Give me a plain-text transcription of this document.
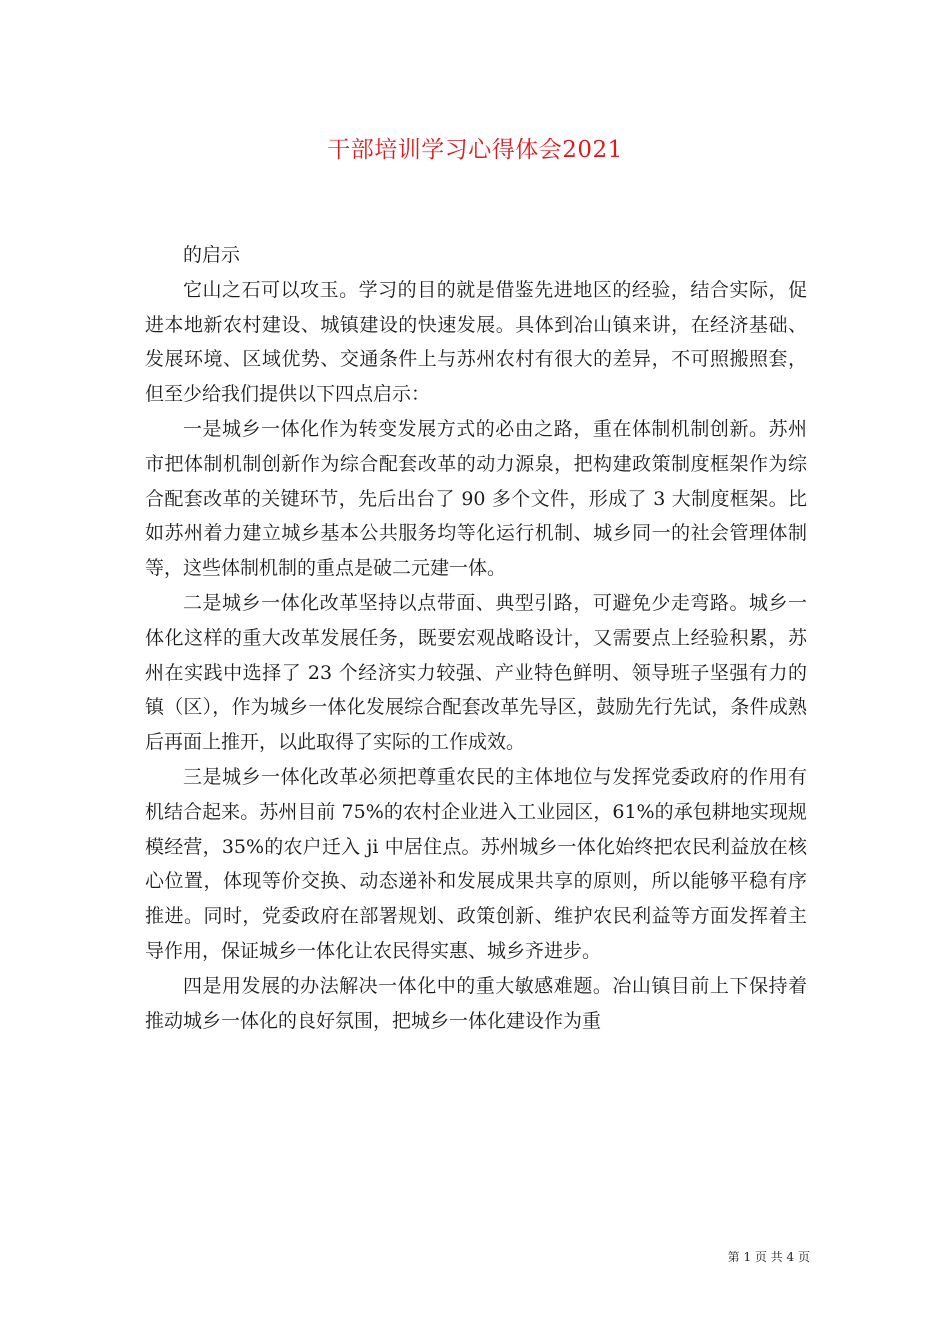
干部培训学习心得体会2021

的启示

它山之石可以攻玉。学习的目的就是借鉴先进地区的经验，结合实际，促进本地新农村建设、城镇建设的快速发展。具体到冶山镇来讲，在经济基础、发展环境、区域优势、交通条件上与苏州农村有很大的差异，不可照搬照套，但至少给我们提供以下四点启示：

一是城乡一体化作为转变发展方式的必由之路，重在体制机制创新。苏州市把体制机制创新作为综合配套改革的动力源泉，把构建政策制度框架作为综合配套改革的关键环节，先后出台了 90 多个文件，形成了 3 大制度框架。比如苏州着力建立城乡基本公共服务均等化运行机制、城乡同一的社会管理体制等，这些体制机制的重点是破二元建一体。

二是城乡一体化改革坚持以点带面、典型引路，可避免少走弯路。城乡一体化这样的重大改革发展任务，既要宏观战略设计，又需要点上经验积累，苏州在实践中选择了 23 个经济实力较强、产业特色鲜明、领导班子坚强有力的镇（区），作为城乡一体化发展综合配套改革先导区，鼓励先行先试，条件成熟后再面上推开，以此取得了实际的工作成效。

三是城乡一体化改革必须把尊重农民的主体地位与发挥党委政府的作用有机结合起来。苏州目前 75%的农村企业进入工业园区，61%的承包耕地实现规模经营，35%的农户迁入 ji 中居住点。苏州城乡一体化始终把农民利益放在核心位置，体现等价交换、动态递补和发展成果共享的原则，所以能够平稳有序推进。同时，党委政府在部署规划、政策创新、维护农民利益等方面发挥着主导作用，保证城乡一体化让农民得实惠、城乡齐进步。

四是用发展的办法解决一体化中的重大敏感难题。冶山镇目前上下保持着推动城乡一体化的良好氛围，把城乡一体化建设作为重

第 1 页 共 4 页
